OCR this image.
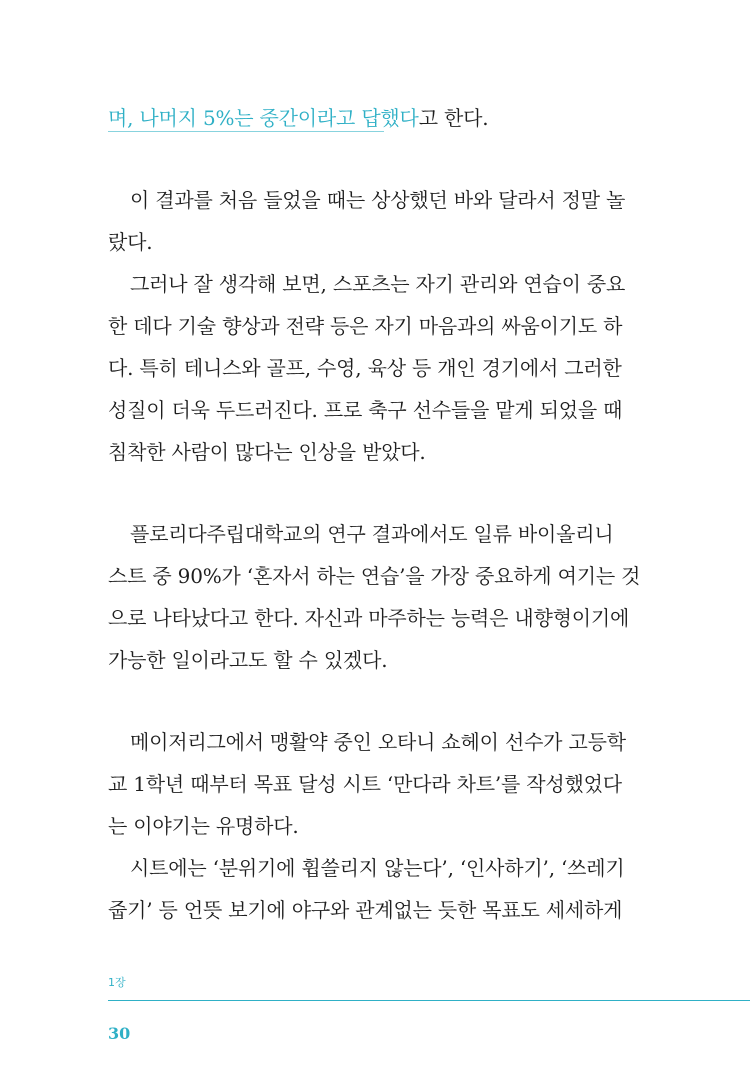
며, 나머지 5%는 중간이라고 답했다고 한다.
이 결과를 처음 들었을 때는 상상했던 바와 달라서 정말 놀
랐다.
그러나 잘 생각해 보면, 스포츠는 자기 관리와 연습이 중요
한 데다 기술 향상과 전략 등은 자기 마음과의 싸움이기도 하
다. 특히 테니스와 골프, 수영, 육상 등 개인 경기에서 그러한
성질이 더욱 두드러진다. 프로 축구 선수들을 맡게 되었을 때
침착한 사람이 많다는 인상을 받았다.
플로리다주립대학교의 연구 결과에서도 일류 바이올리니
스트 중 90%가 ‘혼자서 하는 연습’을 가장 중요하게 여기는 것
으로 나타났다고 한다. 자신과 마주하는 능력은 내향형이기에
가능한 일이라고도 할 수 있겠다.
메이저리그에서 맹활약 중인 오타니 쇼헤이 선수가 고등학
교 1학년 때부터 목표 달성 시트 ‘만다라 차트’를 작성했었다
는 이야기는 유명하다.
시트에는 ‘분위기에 휩쓸리지 않는다’, ‘인사하기’, ‘쓰레기
줍기’ 등 언뜻 보기에 야구와 관계없는 듯한 목표도 세세하게
1장
30
